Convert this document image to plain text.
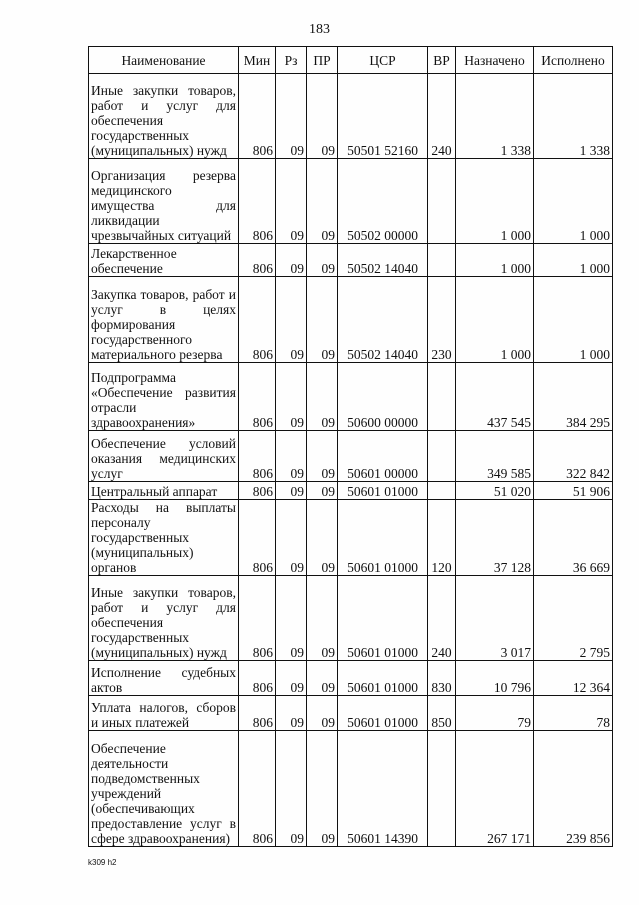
183
Наименование	Мин	Рз	ПР	ЦСР	ВР	Назначено	Исполнено
Иные закупки товаров, работ и услуг для обеспечения государственных (муниципальных) нужд	806	09	09	50501 52160	240	1 338	1 338
Организация резерва медицинского имущества для ликвидации чрезвычайных ситуаций	806	09	09	50502 00000		1 000	1 000
Лекарственное обеспечение	806	09	09	50502 14040		1 000	1 000
Закупка товаров, работ и услуг в целях формирования государственного материального резерва	806	09	09	50502 14040	230	1 000	1 000
Подпрограмма «Обеспечение развития отрасли здравоохранения»	806	09	09	50600 00000		437 545	384 295
Обеспечение условий оказания медицинских услуг	806	09	09	50601 00000		349 585	322 842
Центральный аппарат	806	09	09	50601 01000		51 020	51 906
Расходы на выплаты персоналу государственных (муниципальных) органов	806	09	09	50601 01000	120	37 128	36 669
Иные закупки товаров, работ и услуг для обеспечения государственных (муниципальных) нужд	806	09	09	50601 01000	240	3 017	2 795
Исполнение судебных актов	806	09	09	50601 01000	830	10 796	12 364
Уплата налогов, сборов и иных платежей	806	09	09	50601 01000	850	79	78
Обеспечение деятельности подведомственных учреждений (обеспечивающих предоставление услуг в сфере здравоохранения)	806	09	09	50601 14390		267 171	239 856
k309 h2
